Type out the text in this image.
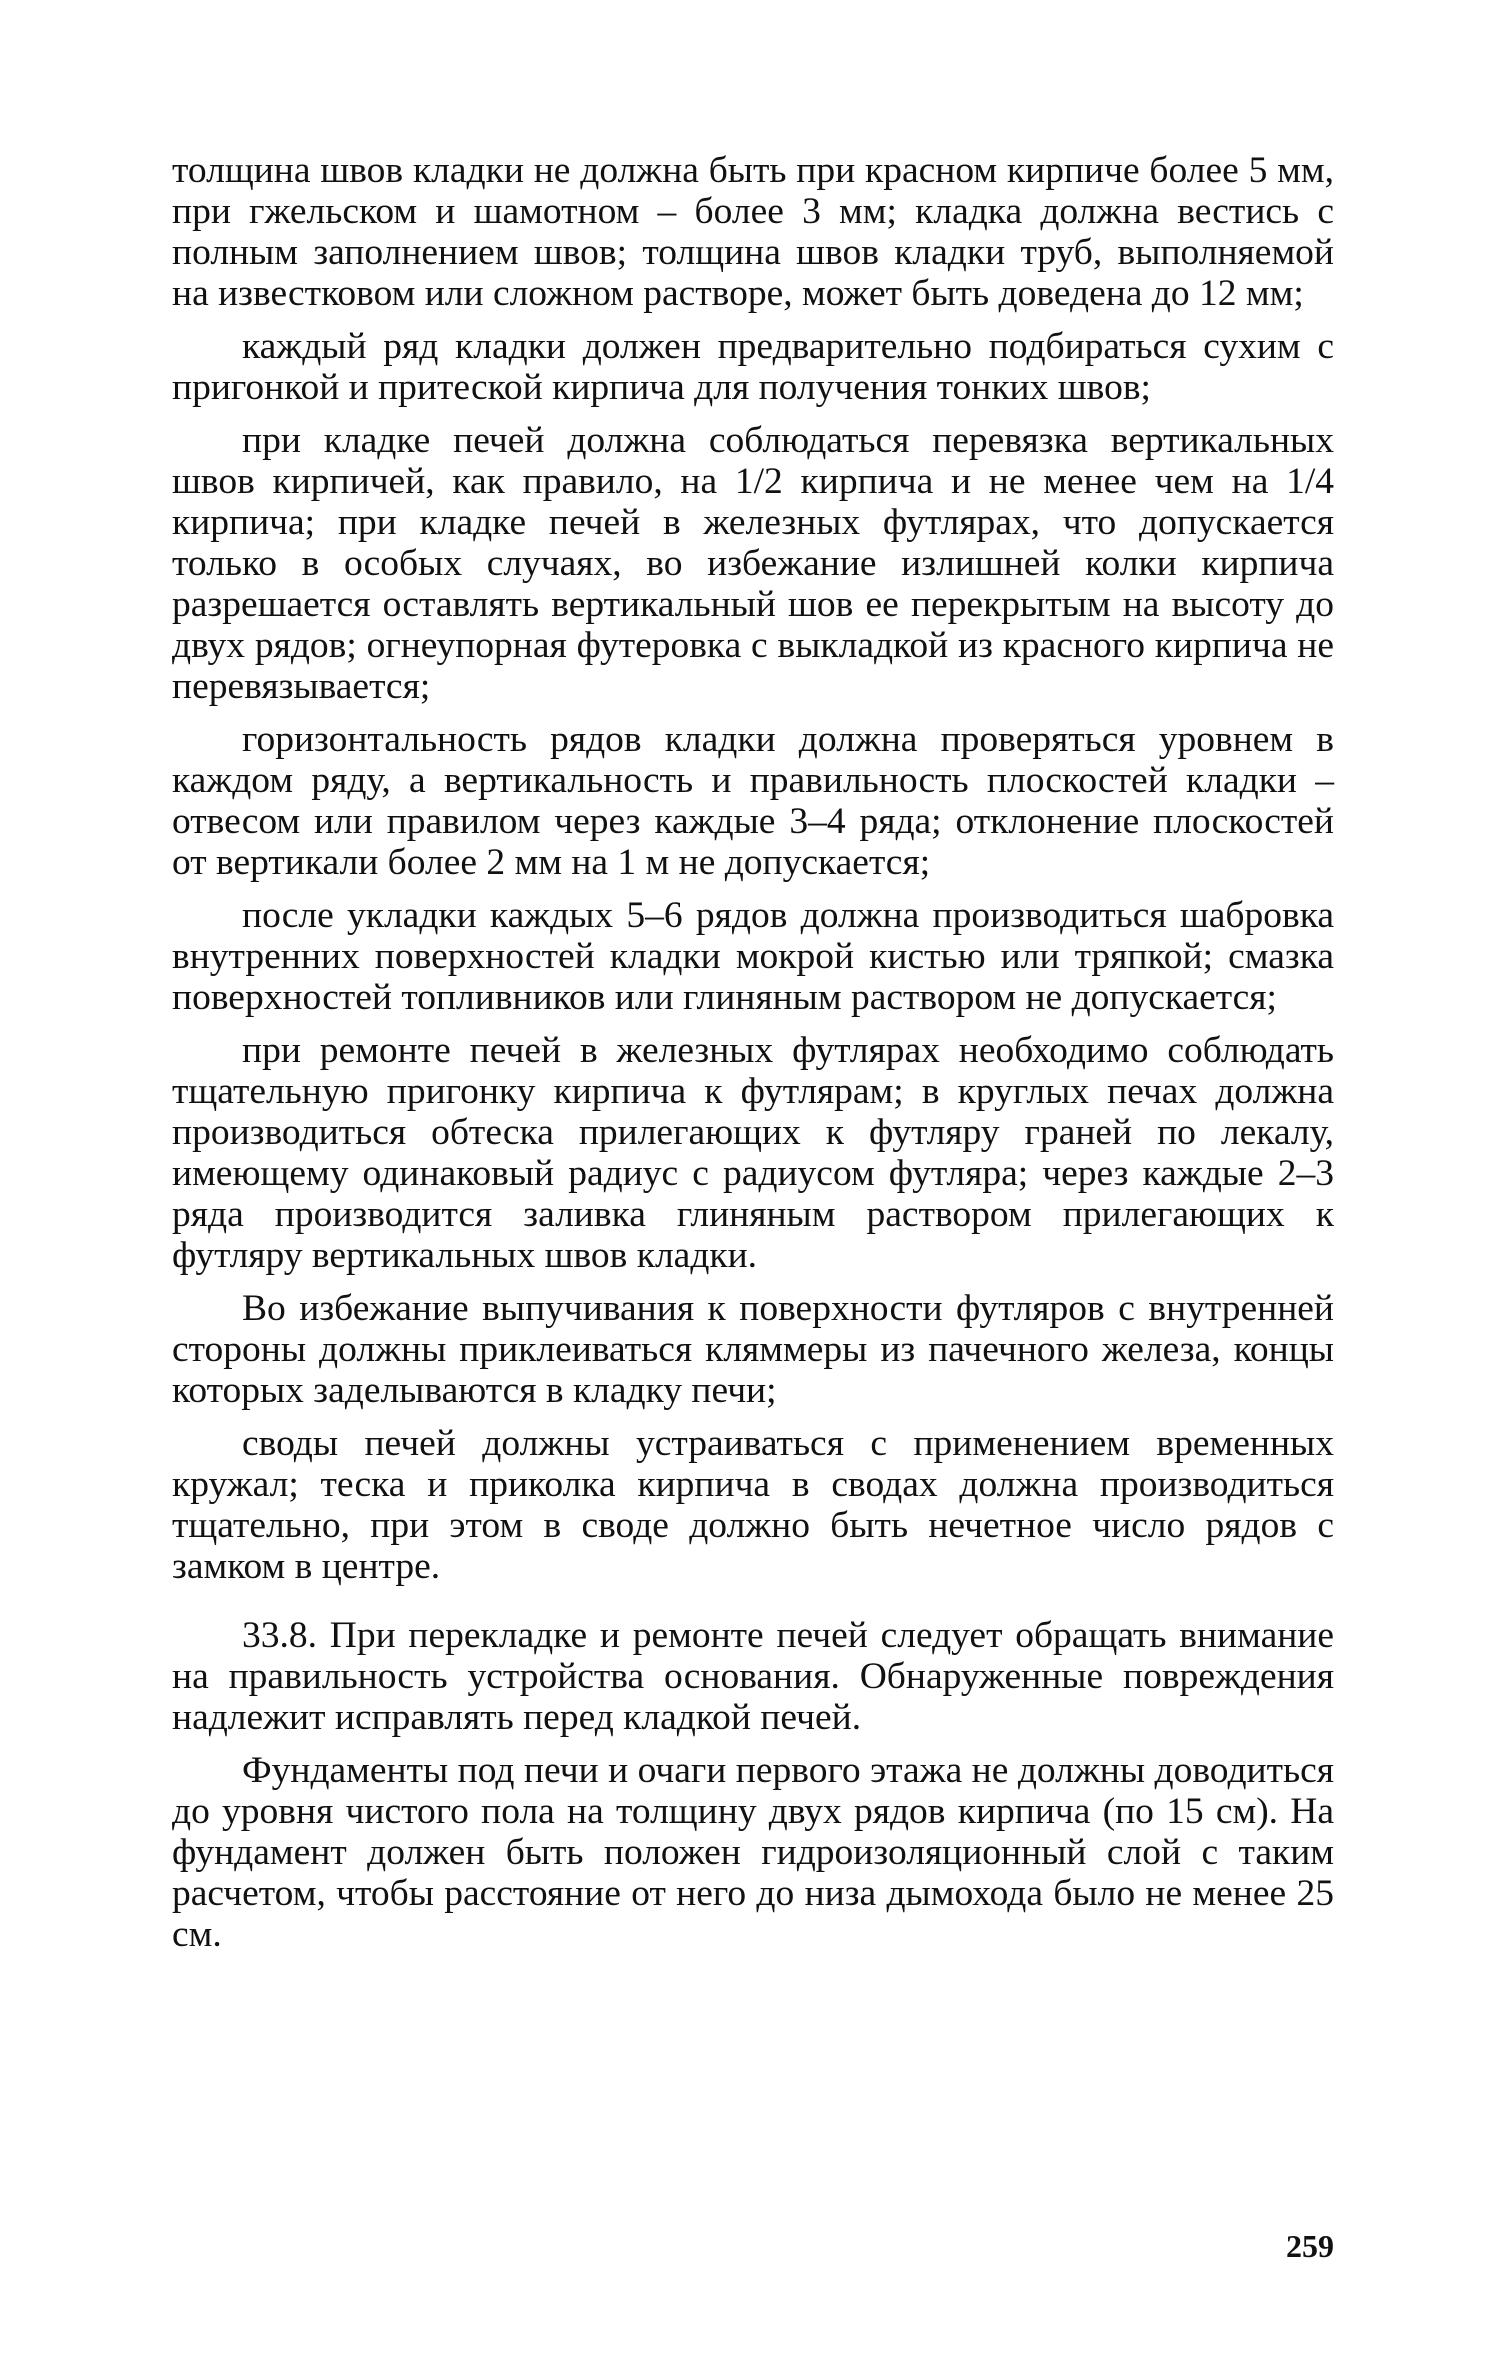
толщина швов кладки не должна быть при красном кирпиче более 5 мм, при гжельском и шамотном – более 3 мм; кладка должна вестись с полным заполнением швов; толщина швов кладки труб, выполняемой на известковом или сложном растворе, может быть доведена до 12 мм;

каждый ряд кладки должен предварительно подбираться сухим с пригонкой и притеской кирпича для получения тонких швов;

при кладке печей должна соблюдаться перевязка вертикальных швов кирпичей, как правило, на 1/2 кирпича и не менее чем на 1/4 кирпича; при кладке печей в железных футлярах, что допускается только в особых случаях, во избежание излишней колки кирпича разрешается оставлять вертикальный шов ее перекрытым на высоту до двух рядов; огнеупорная футеровка с выкладкой из красного кирпича не перевязывается;

горизонтальность рядов кладки должна проверяться уровнем в каждом ряду, а вертикальность и правильность плоскостей кладки – отвесом или правилом через каждые 3–4 ряда; отклонение плоскостей от вертикали более 2 мм на 1 м не допускается;

после укладки каждых 5–6 рядов должна производиться шабровка внутренних поверхностей кладки мокрой кистью или тряпкой; смазка поверхностей топливников или глиняным раствором не допускается;

при ремонте печей в железных футлярах необходимо соблюдать тщательную пригонку кирпича к футлярам; в круглых печах должна производиться обтеска прилегающих к футляру граней по лекалу, имеющему одинаковый радиус с радиусом футляра; через каждые 2–3 ряда производится заливка глиняным раствором прилегающих к футляру вертикальных швов кладки.

Во избежание выпучивания к поверхности футляров с внутренней стороны должны приклеиваться кляммеры из пачечного железа, концы которых заделываются в кладку печи;

своды печей должны устраиваться с применением временных кружал; теска и приколка кирпича в сводах должна производиться тщательно, при этом в своде должно быть нечетное число рядов с замком в центре.

33.8. При перекладке и ремонте печей следует обращать внимание на правильность устройства основания. Обнаруженные повреждения надлежит исправлять перед кладкой печей.

Фундаменты под печи и очаги первого этажа не должны доводиться до уровня чистого пола на толщину двух рядов кирпича (по 15 см). На фундамент должен быть положен гидроизоляционный слой с таким расчетом, чтобы расстояние от него до низа дымохода было не менее 25 см.

259
